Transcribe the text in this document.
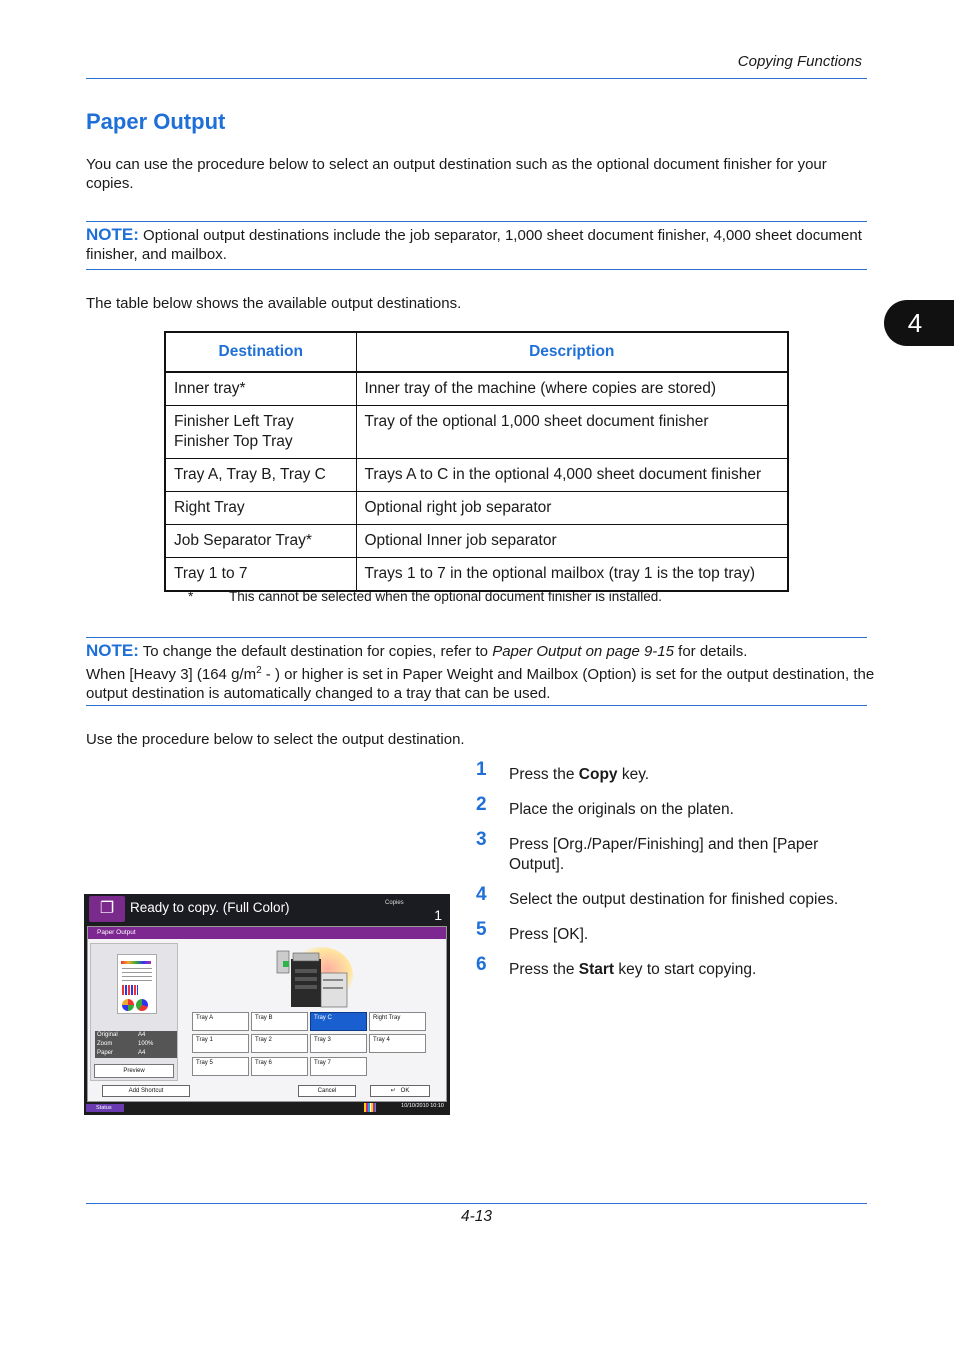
Copying Functions
4
Paper Output
You can use the procedure below to select an output destination such as the optional document finisher for your copies.
NOTE: Optional output destinations include the job separator, 1,000 sheet document finisher, 4,000 sheet document finisher, and mailbox.
The table below shows the available output destinations.
Destination	Description
Inner tray*	Inner tray of the machine (where copies are stored)

Finisher Left Tray
Finisher Top Tray	Tray of the optional 1,000 sheet document finisher
Tray A, Tray B, Tray C	Trays A to C in the optional 4,000 sheet document finisher
Right Tray	Optional right job separator
Job Separator Tray*	Optional Inner job separator
Tray 1 to 7	Trays 1 to 7 in the optional mailbox (tray 1 is the top tray)
*	This cannot be selected when the optional document finisher is installed.
NOTE: To change the default destination for copies, refer to Paper Output on page 9-15 for details.
When [Heavy 3] (164 $g/m^2$ - ) or higher is set in Paper Weight and Mailbox (Option) is set for the output destination, the output destination is automatically changed to a tray that can be used.
Use the procedure below to select the output destination.
1 Press the Copy key.
2 Place the originals on the platen.
3 Press [Org./Paper/Finishing] and then [Paper Output].
4 Select the output destination for finished copies.
5 Press [OK].
6 Press the Start key to start copying.
❐	Ready to copy. (Full Color)	Copies
1
Paper Output
Original	A4
Zoom	100%
Paper	A4
Preview
Tray A	Tray B	Tray C	Right Tray
Tray 1	Tray 2	Tray 3	Tray 4
Tray 5	Tray 6	Tray 7
Add Shortcut	Cancel	↵   OK
Status	10/10/2010 10:10
4-13
